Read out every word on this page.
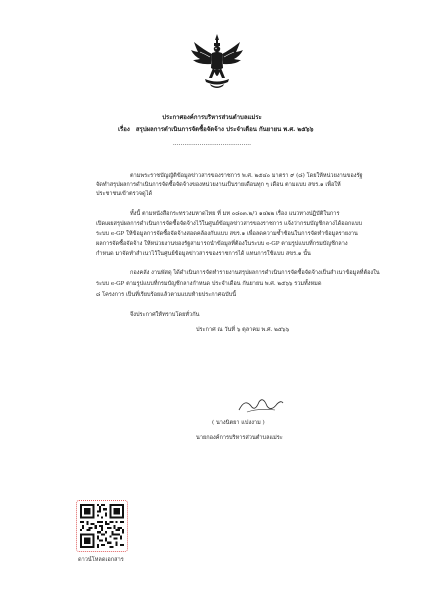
ประกาศองค์การบริหารส่วนตำบลแม่ระ
เรื่อง สรุปผลการดำเนินการจัดซื้อจัดจ้าง ประจำเดือน กันยายน พ.ศ. ๒๕๖๖
.........................................
ตามพระราชบัญญัติข้อมูลข่าวสารของราชการ พ.ศ. ๒๕๔๐ มาตรา ๙ (๘) โดยให้หน่วยงานของรัฐ
จัดทำสรุปผลการดำเนินการจัดซื้อจัดจ้างของหน่วยงานเป็นรายเดือนทุก ๆ เดือน ตามแบบ สขร.๑ เพื่อให้
ประชาชนเข้าตรวจดูได้
ทั้งนี้ ตามหนังสือกระทรวงมหาดไทย ที่ มท ๐๘๐๓.๒/ว ๑๔๒๒ เรื่อง แนวทางปฏิบัติในการ
เปิดเผยสรุปผลการดำเนินการจัดซื้อจัดจ้างไว้ในศูนย์ข้อมูลข่าวสารของราชการ แจ้งว่ากรมบัญชีกลางได้ออกแบบ
ระบบ e-GP ให้ข้อมูลการจัดซื้อจัดจ้างสอดคล้องกับแบบ สขร.๑ เพื่อลดความซ้ำซ้อนในการจัดทำข้อมูลรายงาน
ผลการจัดซื้อจัดจ้าง ให้หน่วยงานของรัฐสามารถนำข้อมูลที่ต้องในระบบ e-GP ตามรูปแบบที่กรมบัญชีกลาง
กำหนด มาจัดทำสำเนาไว้ในศูนย์ข้อมูลข่าวสารของราชการได้ แทนการใช้แบบ สขร.๑ นั้น
กองคลัง งานพัสดุ ได้ดำเนินการจัดทำรายงานสรุปผลการดำเนินการจัดซื้อจัดจ้างเป็นสำเนาข้อมูลที่ต้องใน
ระบบ e-GP ตามรูปแบบที่กรมบัญชีกลางกำหนด ประจำเดือน กันยายน พ.ศ. ๒๕๖๖ รวมทั้งหมด
๘ โครงการ เป็นที่เรียบร้อยแล้วตามแบบท้ายประกาศฉบับนี้
จึงประกาศให้ทราบโดยทั่วกัน
ประกาศ ณ วันที่ ๖ ตุลาคม พ.ศ. ๒๕๖๖
( นางนิตยา แปงงาม )
นายกองค์การบริหารส่วนตำบลแม่ระ
ดาวน์โหลดเอกสาร
